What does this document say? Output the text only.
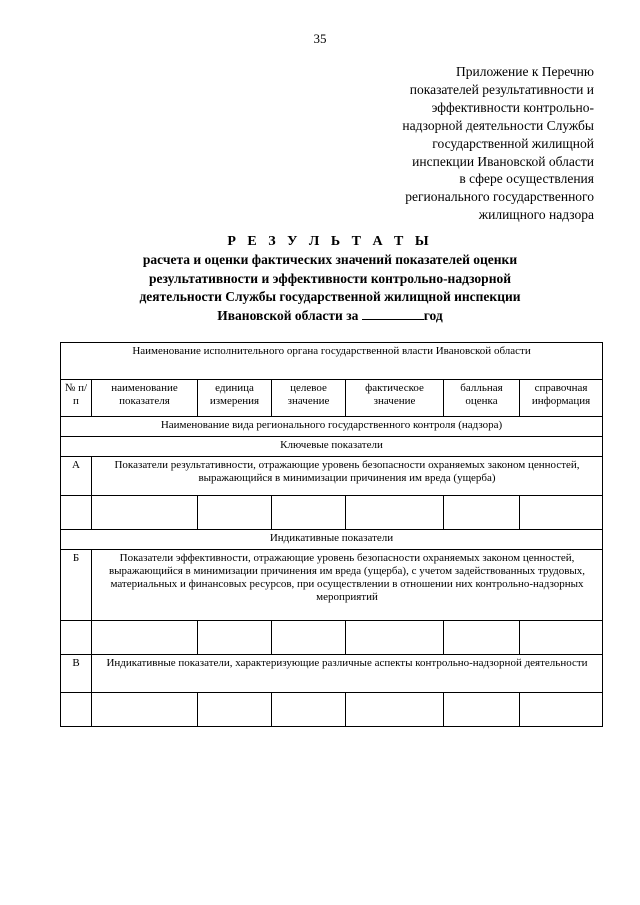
35
Приложение к Перечню
показателей результативности и
эффективности контрольно-
надзорной деятельности Службы
государственной жилищной
инспекции Ивановской области
в сфере осуществления
регионального государственного
жилищного надзора
Р Е З У Л Ь Т А Т Ы
расчета и оценки фактических значений показателей оценки
результативности и эффективности контрольно-надзорной
деятельности Службы государственной жилищной инспекции
Ивановской области за	год
Наименование исполнительного органа государственной власти Ивановской области						
№ п/п	наименование показателя	единица измерения	целевое значение	фактическое значение	балльная оценка	справочная информация
Наименование вида регионального государственного контроля (надзора)						
Ключевые показатели						
А	Показатели результативности, отражающие уровень безопасности охраняемых законом ценностей, выражающийся в минимизации причинения им вреда (ущерба)					

Индикативные показатели						
Б	Показатели эффективности, отражающие уровень безопасности охраняемых законом ценностей, выражающийся в минимизации причинения им вреда (ущерба), с учетом задействованных трудовых, материальных и финансовых ресурсов, при осуществлении в отношении них контрольно-надзорных мероприятий					

В	Индикативные показатели, характеризующие различные аспекты контрольно-надзорной деятельности					
